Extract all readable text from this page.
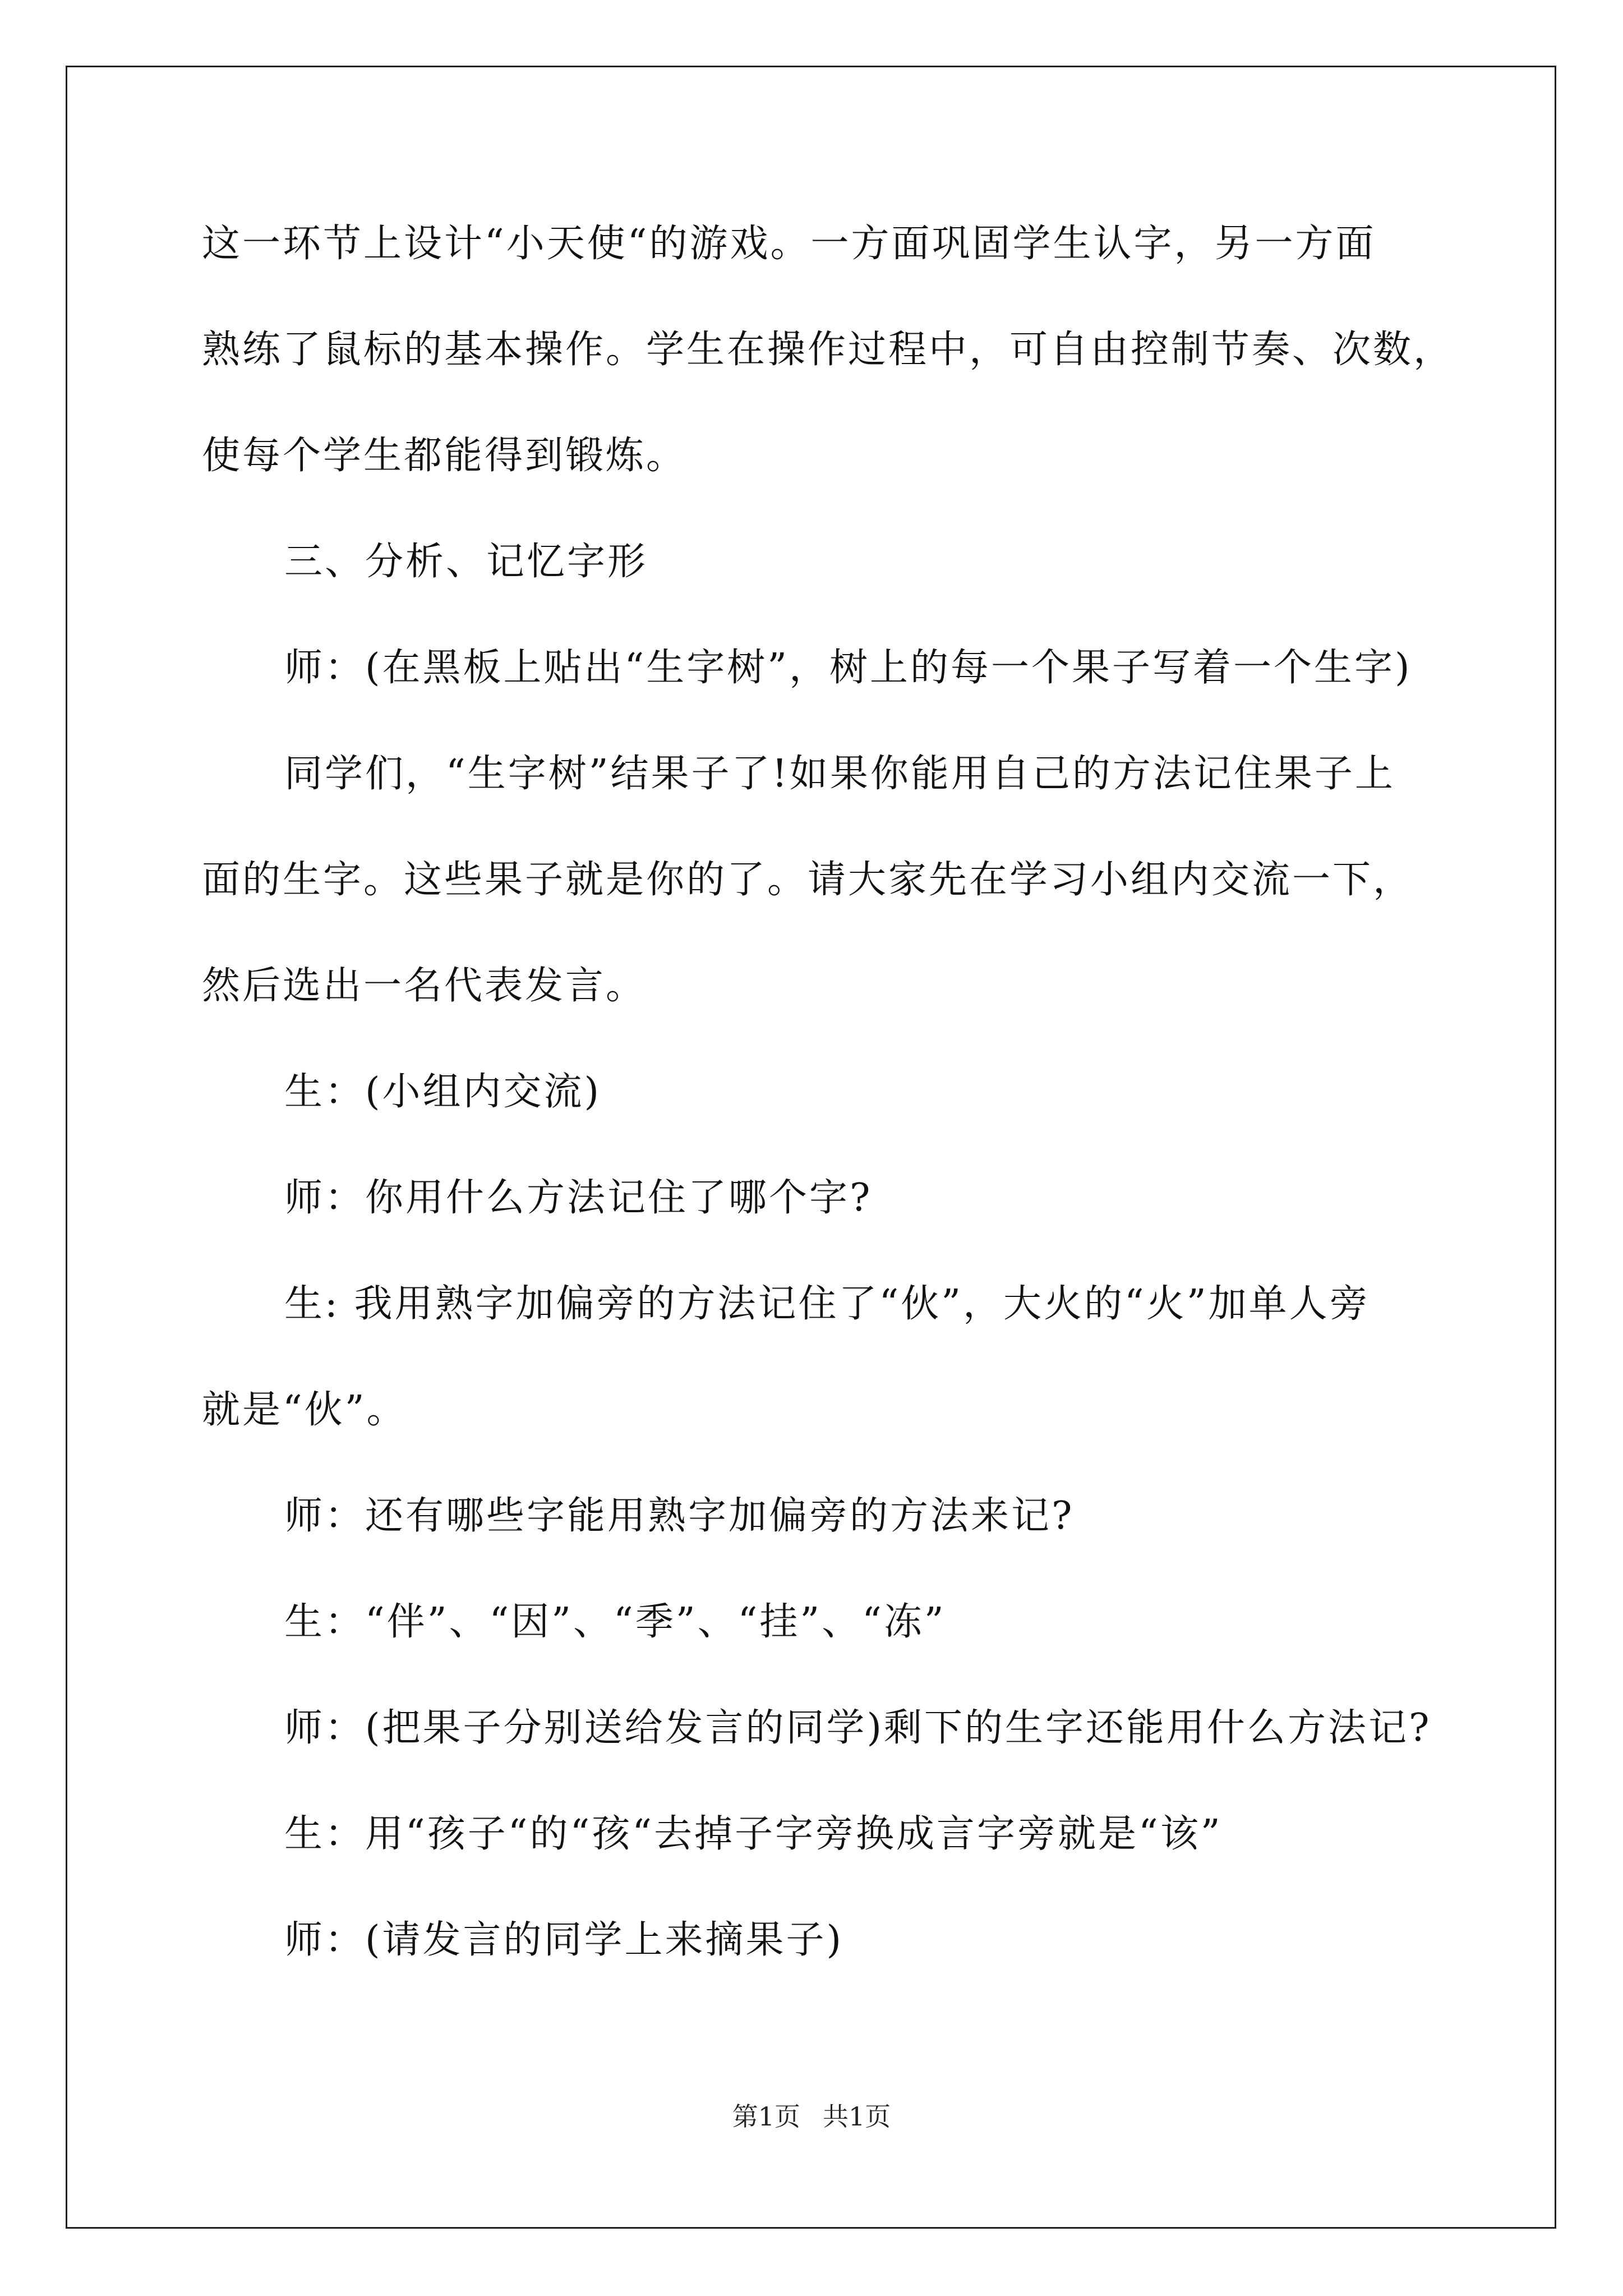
这一环节上设计“小天使“的游戏。一方面巩固学生认字，另一方面
熟练了鼠标的基本操作。学生在操作过程中，可自由控制节奏、次数，
使每个学生都能得到锻炼。
三、分析、记忆字形
师：(在黑板上贴出“生字树”，树上的每一个果子写着一个生字)
同学们，“生字树”结果子了!如果你能用自己的方法记住果子上
面的生字。这些果子就是你的了。请大家先在学习小组内交流一下，
然后选出一名代表发言。
生：(小组内交流)
师：你用什么方法记住了哪个字?
生: 我用熟字加偏旁的方法记住了“伙”，大火的“火”加单人旁
就是“伙”。
师：还有哪些字能用熟字加偏旁的方法来记?
生：“伴”、“因”、“季”、“挂”、“冻”
师：(把果子分别送给发言的同学)剩下的生字还能用什么方法记?
生：用“孩子“的“孩“去掉子字旁换成言字旁就是“该”
师：(请发言的同学上来摘果子)
第1页 共1页
